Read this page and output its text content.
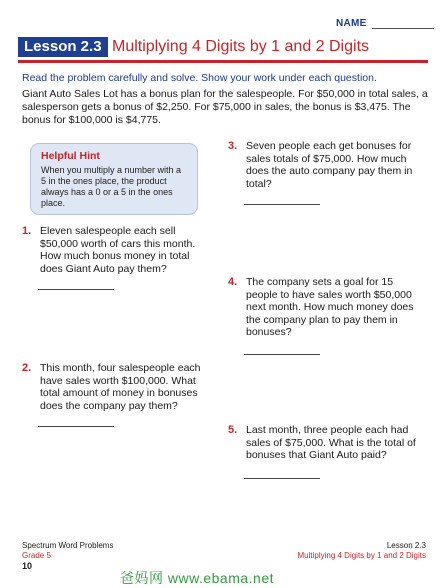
NAME
Lesson 2.3 Multiplying 4 Digits by 1 and 2 Digits
Read the problem carefully and solve. Show your work under each question.
Giant Auto Sales Lot has a bonus plan for the salespeople. For $50,000 in total sales, a salesperson gets a bonus of $2,250. For $75,000 in sales, the bonus is $3,475. The bonus for $100,000 is $4,775.
Helpful Hint
When you multiply a number with a 5 in the ones place, the product always has a 0 or a 5 in the ones place.
1. Eleven salespeople each sell $50,000 worth of cars this month. How much bonus money in total does Giant Auto pay them?
2. This month, four salespeople each have sales worth $100,000. What total amount of money in bonuses does the company pay them?
3. Seven people each get bonuses for sales totals of $75,000. How much does the auto company pay them in total?
4. The company sets a goal for 15 people to have sales worth $50,000 next month. How much money does the company plan to pay them in bonuses?
5. Last month, three people each had sales of $75,000. What is the total of bonuses that Giant Auto paid?
Spectrum Word Problems
Grade 5
10
Lesson 2.3
Multiplying 4 Digits by 1 and 2 Digits
爸妈网 www.ebama.net
